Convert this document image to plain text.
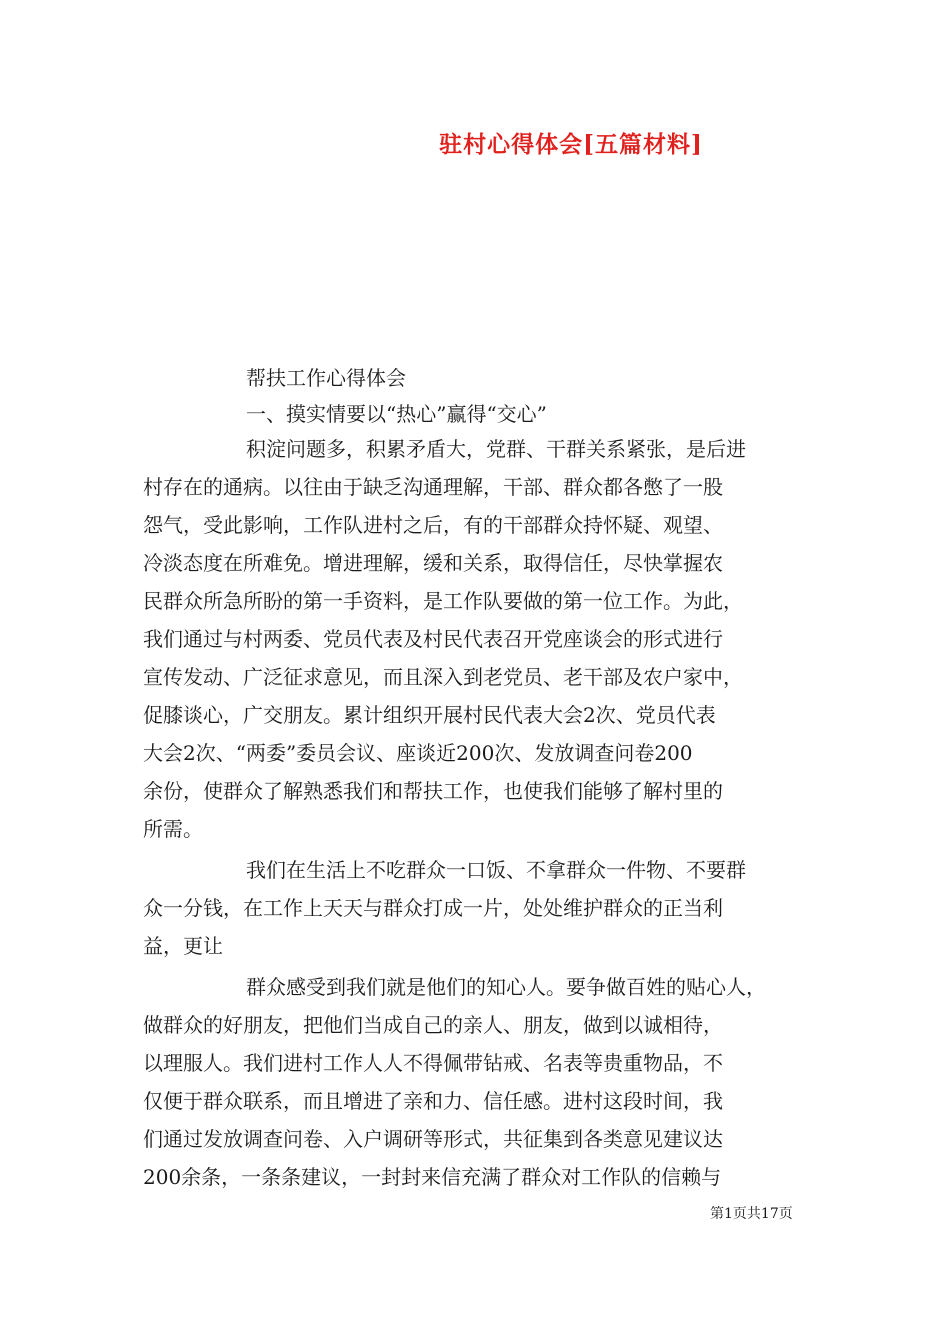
驻村心得体会[五篇材料]
帮扶工作心得体会
一、摸实情要以“热心”赢得“交心”
积淀问题多，积累矛盾大，党群、干群关系紧张，是后进
村存在的通病。以往由于缺乏沟通理解，干部、群众都各憋了一股
怨气，受此影响，工作队进村之后，有的干部群众持怀疑、观望、
冷淡态度在所难免。增进理解，缓和关系，取得信任，尽快掌握农
民群众所急所盼的第一手资料，是工作队要做的第一位工作。为此，
我们通过与村两委、党员代表及村民代表召开党座谈会的形式进行
宣传发动、广泛征求意见，而且深入到老党员、老干部及农户家中，
促膝谈心，广交朋友。累计组织开展村民代表大会2次、党员代表
大会2次、“两委”委员会议、座谈近200次、发放调查问卷200
余份，使群众了解熟悉我们和帮扶工作，也使我们能够了解村里的
所需。
我们在生活上不吃群众一口饭、不拿群众一件物、不要群
众一分钱，在工作上天天与群众打成一片，处处维护群众的正当利
益，更让
群众感受到我们就是他们的知心人。要争做百姓的贴心人，
做群众的好朋友，把他们当成自己的亲人、朋友，做到以诚相待，
以理服人。我们进村工作人人不得佩带钻戒、名表等贵重物品，不
仅便于群众联系，而且增进了亲和力、信任感。进村这段时间，我
们通过发放调查问卷、入户调研等形式，共征集到各类意见建议达
200余条，一条条建议，一封封来信充满了群众对工作队的信赖与
第1页共17页
